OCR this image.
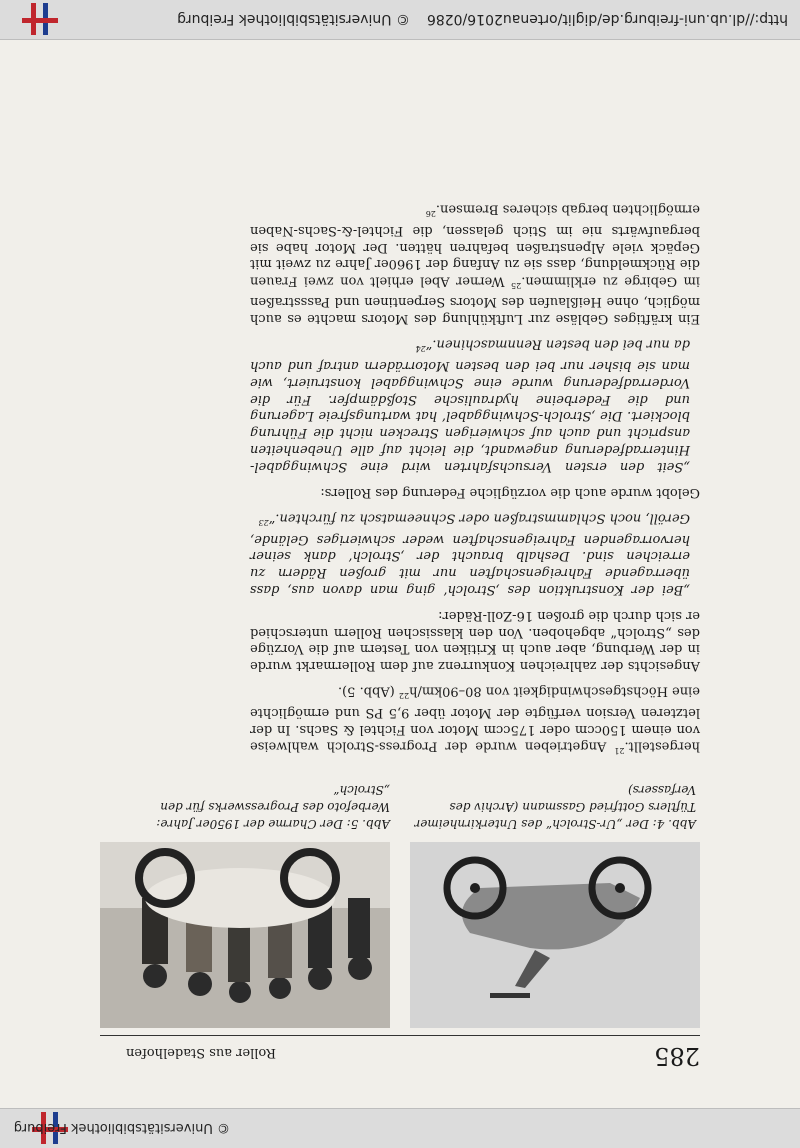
© Universitätsbibliothek Freiburg
285
Roller aus Stadelhofen
Abb. 4: Der „Ur-Strolch“ des Unterkirnheimer Tüftlers Gottfried Gassmann (Archiv des Verfassers)
Abb. 5: Der Charme der 1950er Jahre: Werbefoto des Progresswerks für den „Strolch“

hergestellt.$^{21}$ Angetrieben wurde der Progress-Strolch wahlweise von einem 150ccm oder 175ccm Motor von Fichtel & Sachs. In der letzteren Version verfügte der Motor über 9,5 PS und ermöglichte eine Höchstgeschwindigkeit von $80-90km/h^{22}$ (Abb. 5).

Angesichts der zahlreichen Konkurrenz auf dem Rollermarkt wurde in der Werbung, aber auch in Kritiken von Testern auf die Vorzüge des „Strolch“ abgehoben. Von den klassischen Rollern unterschied er sich durch die großen 16-Zoll-Räder:

„Bei der Konstruktion des ‚Strolch‘ ging man davon aus, dass überragende Fahreigenschaften nur mit großen Rädern zu erreichen sind. Deshalb braucht der ‚Strolch‘ dank seiner hervorragenden Fahreigenschaften weder schwieriges Gelände, Geröll, noch Schlammstraßen oder Schneematsch zu fürchten.“$^{23}$

Gelobt wurde auch die vorzügliche Federung des Rollers:

„Seit den ersten Versuchsfahrten wird eine Schwinggabel-Hinterradfederung angewandt, die leicht auf alle Unebenheiten anspricht und auch auf schwierigen Strecken nicht die Führung blockiert. Die ‚Strolch-Schwinggabel‘ hat wartungsfreie Lagerung und die Federbeine hydraulische Stoßdämpfer. Für die Vorderradfederung wurde eine Schwinggabel konstruiert, wie man sie bisher nur bei den besten Motorrädern antraf und auch da nur bei den besten Rennmaschinen.“$^{24}$

Ein kräftiges Gebläse zur Luftkühlung des Motors machte es auch möglich, ohne Heißlaufen des Motors Serpentinen und Passstraßen im Gebirge zu erklimmen.$^{25}$ Werner Abel erhielt von zwei Frauen die Rückmeldung, dass sie zu Anfang der 1960er Jahre zu zweit mit Gepäck viele Alpenstraßen befahren hätten. Der Motor habe sie bergaufwärts nie im Stich gelassen, die Fichtel-&-Sachs-Naben ermöglichten bergab sicheres Bremsen.$^{26}$

http://dl.ub.uni-freiburg.de/diglit/ortenau2016/0286
© Universitätsbibliothek Freiburg
